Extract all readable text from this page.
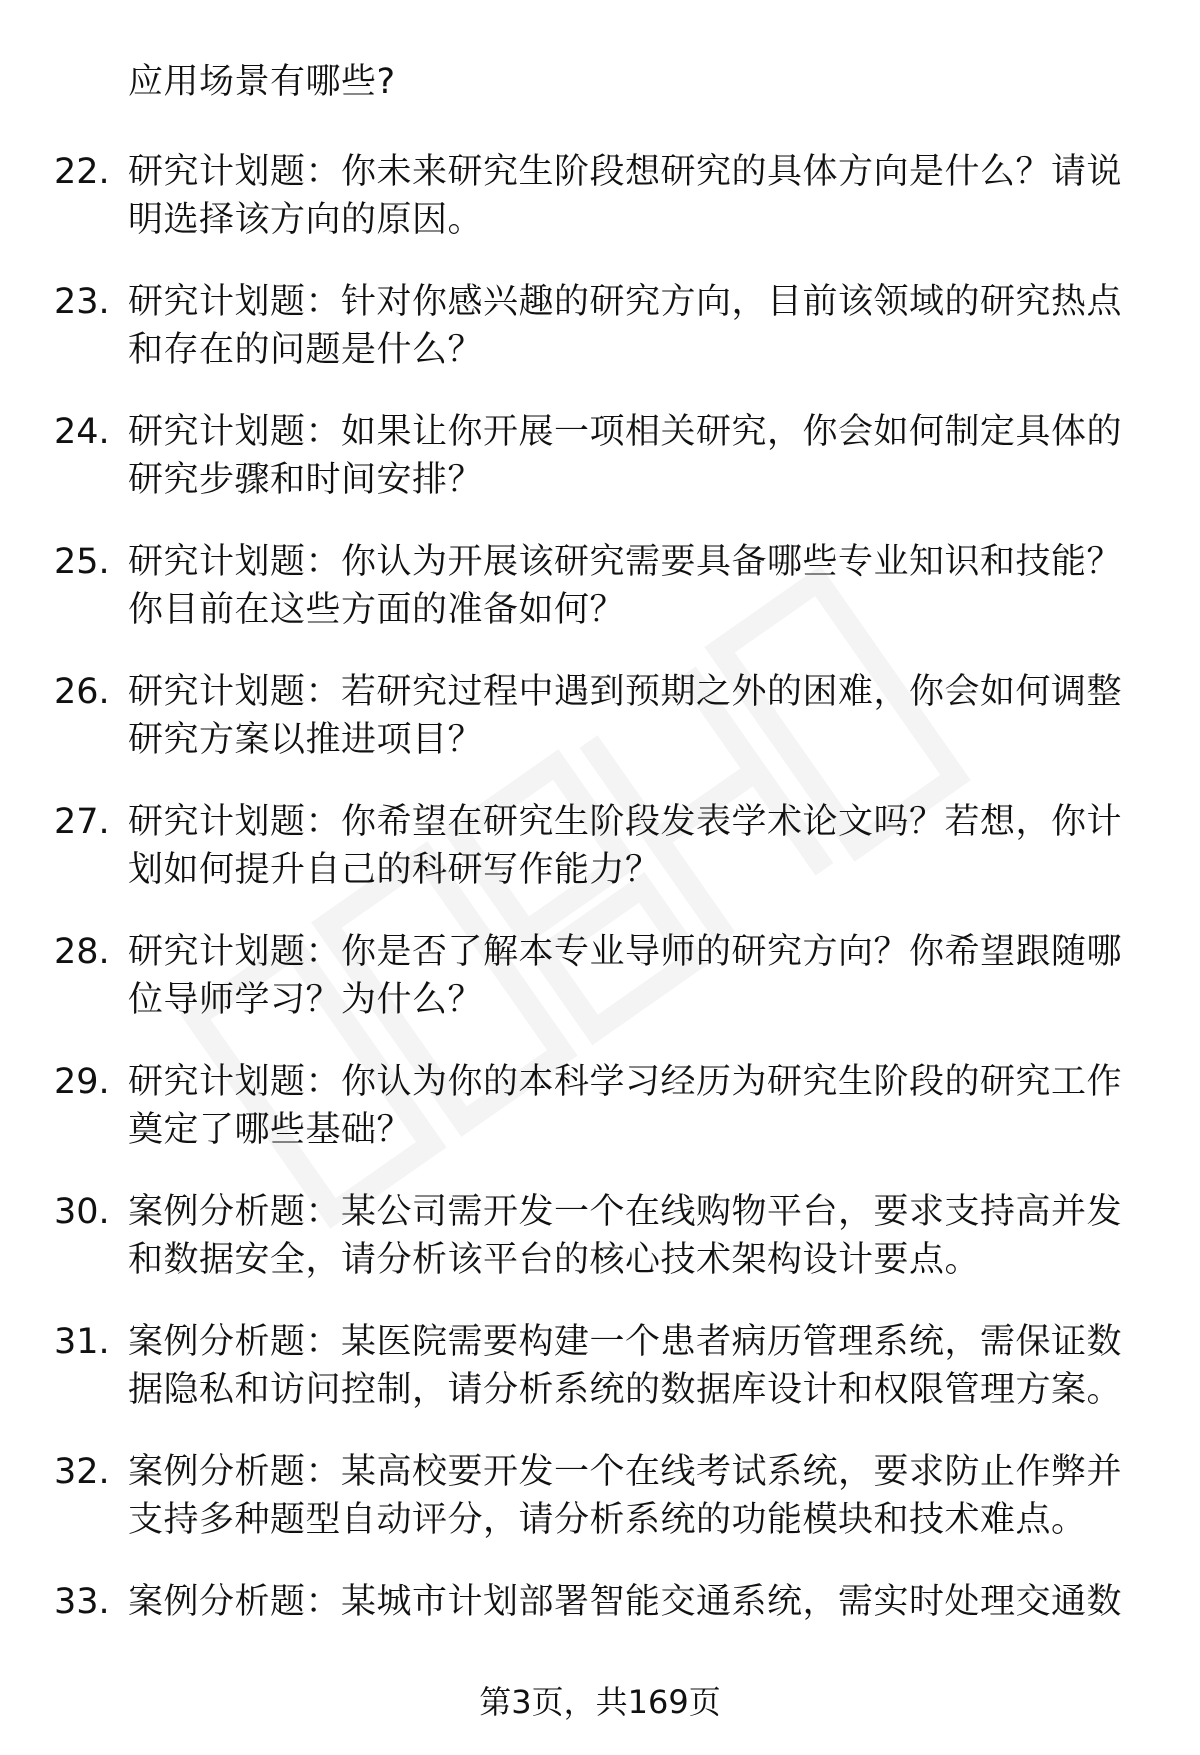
应用场景有哪些?
22. 研究计划题：你未来研究生阶段想研究的具体方向是什么？请说明选择该方向的原因。
23. 研究计划题：针对你感兴趣的研究方向，目前该领域的研究热点和存在的问题是什么？
24. 研究计划题：如果让你开展一项相关研究，你会如何制定具体的研究步骤和时间安排？
25. 研究计划题：你认为开展该研究需要具备哪些专业知识和技能？你目前在这些方面的准备如何？
26. 研究计划题：若研究过程中遇到预期之外的困难，你会如何调整研究方案以推进项目？
27. 研究计划题：你希望在研究生阶段发表学术论文吗？若想，你计划如何提升自己的科研写作能力？
28. 研究计划题：你是否了解本专业导师的研究方向？你希望跟随哪位导师学习？为什么？
29. 研究计划题：你认为你的本科学习经历为研究生阶段的研究工作奠定了哪些基础？
30. 案例分析题：某公司需开发一个在线购物平台，要求支持高并发和数据安全，请分析该平台的核心技术架构设计要点。
31. 案例分析题：某医院需要构建一个患者病历管理系统，需保证数据隐私和访问控制，请分析系统的数据库设计和权限管理方案。
32. 案例分析题：某高校要开发一个在线考试系统，要求防止作弊并支持多种题型自动评分，请分析系统的功能模块和技术难点。
33. 案例分析题：某城市计划部署智能交通系统，需实时处理交通数
第3页，共169页
